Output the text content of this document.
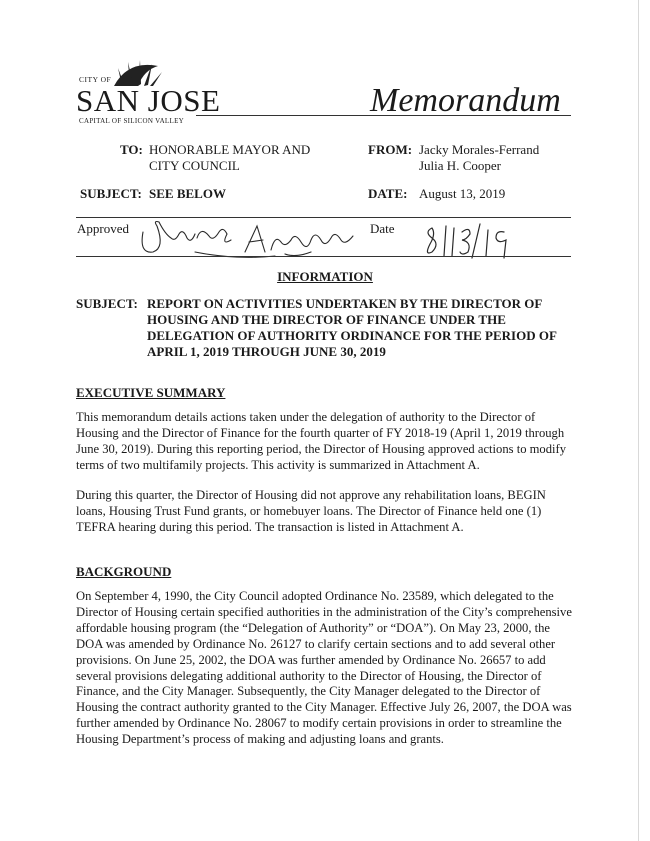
CITY OF
SAN JOSE
CAPITAL OF SILICON VALLEY
Memorandum
TO: HONORABLE MAYOR AND
CITY COUNCIL
FROM: Jacky Morales-Ferrand
Julia H. Cooper
SUBJECT: SEE BELOW	DATE: August 13, 2019
Approved	Date
INFORMATION
SUBJECT: REPORT ON ACTIVITIES UNDERTAKEN BY THE DIRECTOR OF HOUSING AND THE DIRECTOR OF FINANCE UNDER THE DELEGATION OF AUTHORITY ORDINANCE FOR THE PERIOD OF APRIL 1, 2019 THROUGH JUNE 30, 2019
EXECUTIVE SUMMARY
This memorandum details actions taken under the delegation of authority to the Director of Housing and the Director of Finance for the fourth quarter of FY 2018-19 (April 1, 2019 through June 30, 2019). During this reporting period, the Director of Housing approved actions to modify terms of two multifamily projects. This activity is summarized in Attachment A.
During this quarter, the Director of Housing did not approve any rehabilitation loans, BEGIN loans, Housing Trust Fund grants, or homebuyer loans. The Director of Finance held one (1) TEFRA hearing during this period. The transaction is listed in Attachment A.
BACKGROUND
On September 4, 1990, the City Council adopted Ordinance No. 23589, which delegated to the Director of Housing certain specified authorities in the administration of the City’s comprehensive affordable housing program (the “Delegation of Authority” or “DOA”). On May 23, 2000, the DOA was amended by Ordinance No. 26127 to clarify certain sections and to add several other provisions. On June 25, 2002, the DOA was further amended by Ordinance No. 26657 to add several provisions delegating additional authority to the Director of Housing, the Director of Finance, and the City Manager. Subsequently, the City Manager delegated to the Director of Housing the contract authority granted to the City Manager. Effective July 26, 2007, the DOA was further amended by Ordinance No. 28067 to modify certain provisions in order to streamline the Housing Department’s process of making and adjusting loans and grants.
